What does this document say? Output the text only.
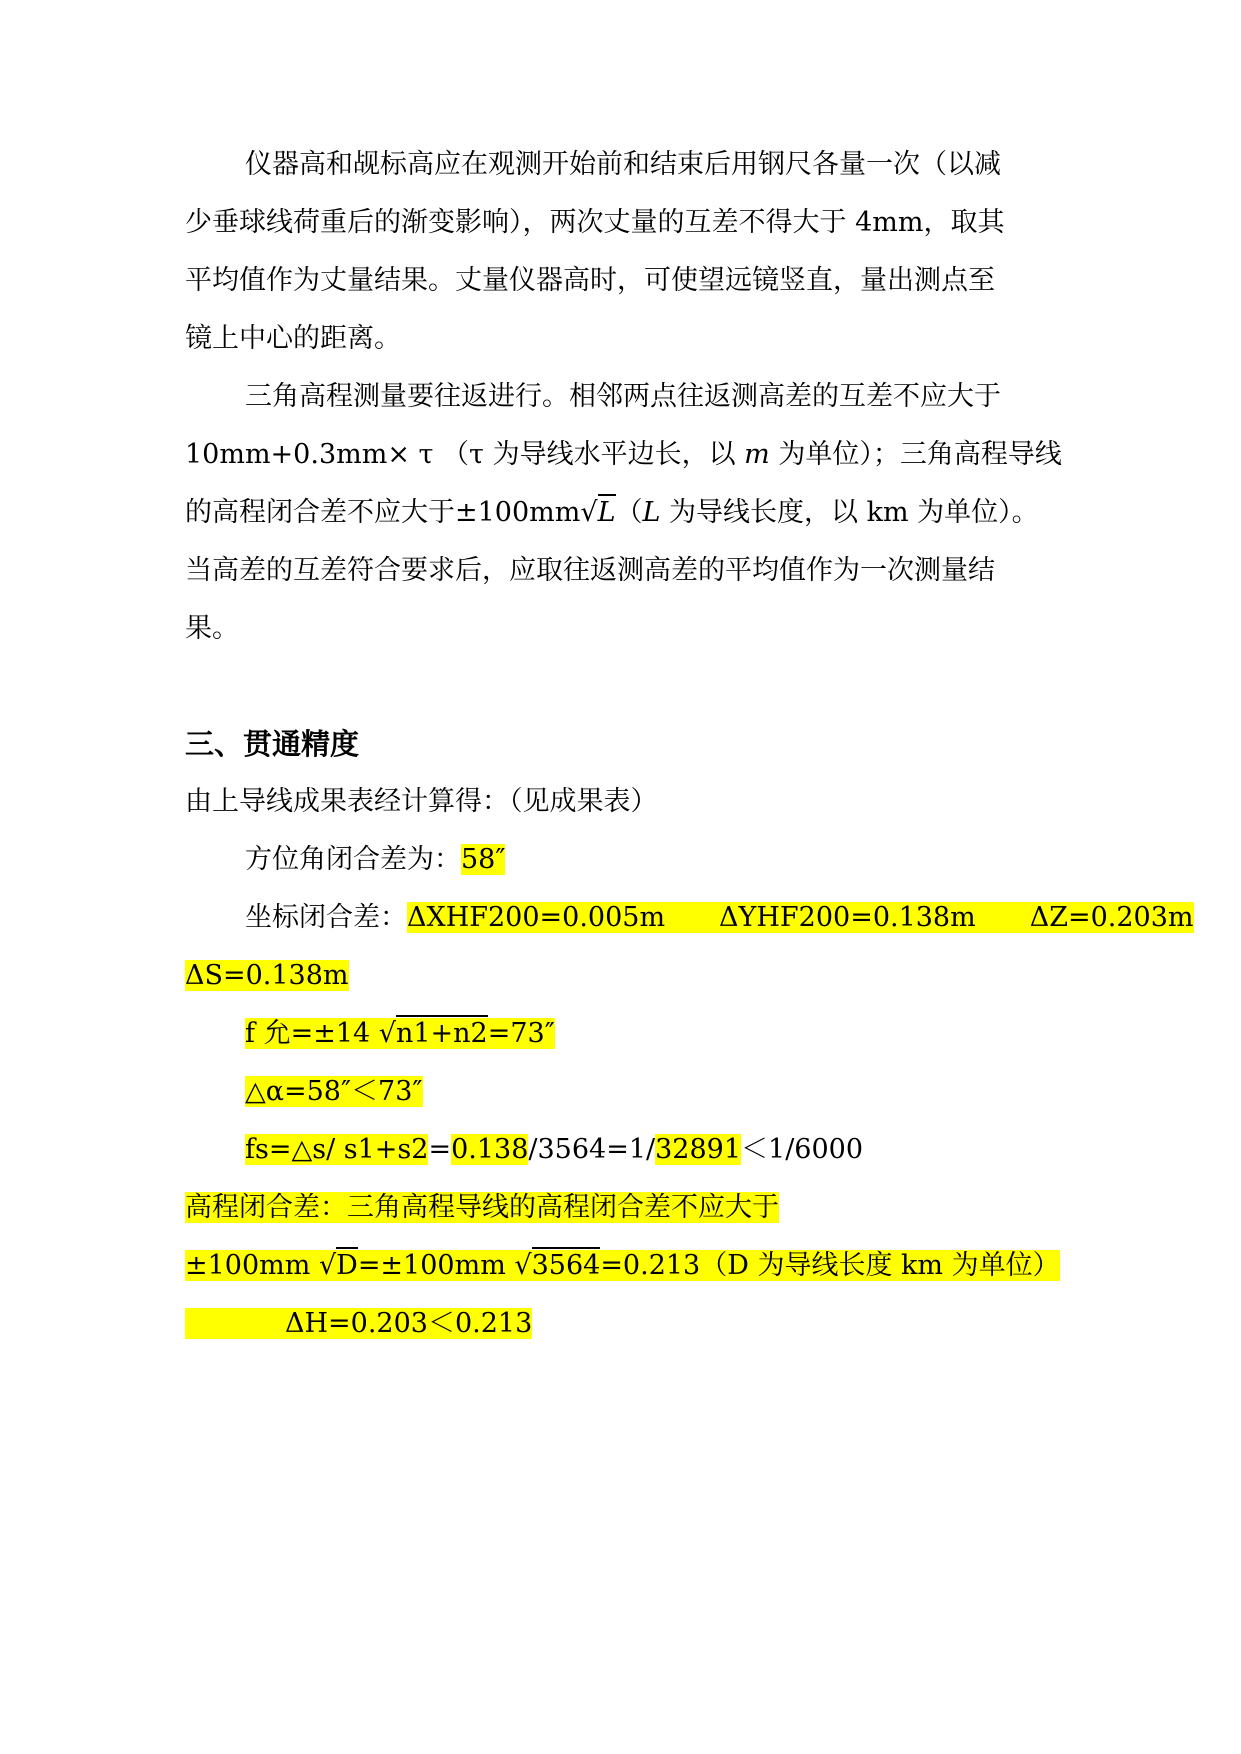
仪器高和觇标高应在观测开始前和结束后用钢尺各量一次（以减
少垂球线荷重后的渐变影响），两次丈量的互差不得大于 4mm，取其
平均值作为丈量结果。丈量仪器高时，可使望远镜竖直，量出测点至
镜上中心的距离。
三角高程测量要往返进行。相邻两点往返测高差的互差不应大于
10mm+0.3mm× τ （τ 为导线水平边长，以 m 为单位）；三角高程导线
的高程闭合差不应大于±100mm√L（L 为导线长度，以 km 为单位）。
当高差的互差符合要求后，应取往返测高差的平均值作为一次测量结
果。
三、贯通精度
由上导线成果表经计算得：（见成果表）
方位角闭合差为：58″
坐标闭合差：ΔXHF200=0.005m　　ΔYHF200=0.138m　　ΔZ=0.203m
ΔS=0.138m
f 允=±14 √n1+n2=73″
△α=58″＜73″
fs=△s/ s1+s2=0.138/3564=1/32891＜1/6000
高程闭合差：三角高程导线的高程闭合差不应大于
±100mm √D=±100mm √3564=0.213（D 为导线长度 km 为单位）
ΔH=0.203＜0.213
